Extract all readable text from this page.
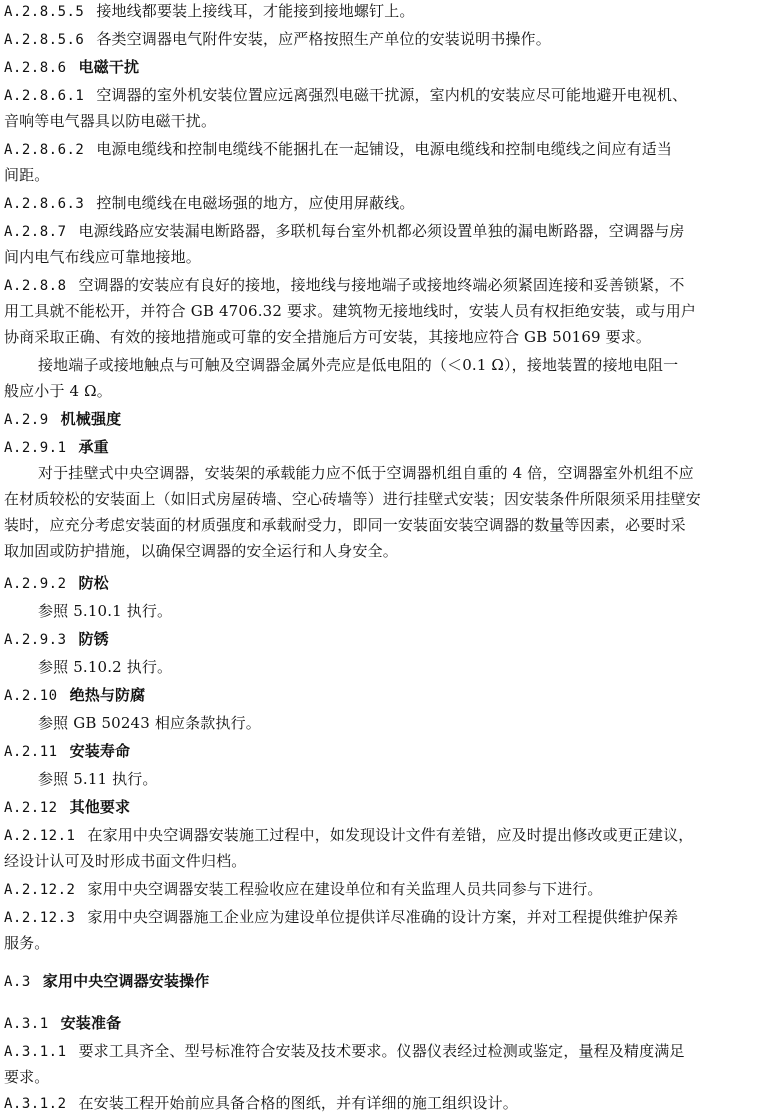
A.2.8.5.5 接地线都要装上接线耳，才能接到接地螺钉上。
A.2.8.5.6 各类空调器电气附件安装，应严格按照生产单位的安装说明书操作。
A.2.8.6 电磁干扰
A.2.8.6.1 空调器的室外机安装位置应远离强烈电磁干扰源，室内机的安装应尽可能地避开电视机、
音响等电气器具以防电磁干扰。
A.2.8.6.2 电源电缆线和控制电缆线不能捆扎在一起铺设，电源电缆线和控制电缆线之间应有适当
间距。
A.2.8.6.3 控制电缆线在电磁场强的地方，应使用屏蔽线。
A.2.8.7 电源线路应安装漏电断路器，多联机每台室外机都必须设置单独的漏电断路器，空调器与房
间内电气布线应可靠地接地。
A.2.8.8 空调器的安装应有良好的接地，接地线与接地端子或接地终端必须紧固连接和妥善锁紧，不
用工具就不能松开，并符合 GB 4706.32 要求。建筑物无接地线时，安装人员有权拒绝安装，或与用户
协商采取正确、有效的接地措施或可靠的安全措施后方可安装，其接地应符合 GB 50169 要求。
接地端子或接地触点与可触及空调器金属外壳应是低电阻的（＜0.1 Ω），接地装置的接地电阻一
般应小于 4 Ω。
A.2.9 机械强度
A.2.9.1 承重
对于挂壁式中央空调器，安装架的承载能力应不低于空调器机组自重的 4 倍，空调器室外机组不应
在材质较松的安装面上（如旧式房屋砖墙、空心砖墙等）进行挂壁式安装；因安装条件所限须采用挂壁安
装时，应充分考虑安装面的材质强度和承载耐受力，即同一安装面安装空调器的数量等因素，必要时采
取加固或防护措施，以确保空调器的安全运行和人身安全。
A.2.9.2 防松
参照 5.10.1 执行。
A.2.9.3 防锈
参照 5.10.2 执行。
A.2.10 绝热与防腐
参照 GB 50243 相应条款执行。
A.2.11 安装寿命
参照 5.11 执行。
A.2.12 其他要求
A.2.12.1 在家用中央空调器安装施工过程中，如发现设计文件有差错，应及时提出修改或更正建议，
经设计认可及时形成书面文件归档。
A.2.12.2 家用中央空调器安装工程验收应在建设单位和有关监理人员共同参与下进行。
A.2.12.3 家用中央空调器施工企业应为建设单位提供详尽准确的设计方案，并对工程提供维护保养
服务。
A.3 家用中央空调器安装操作
A.3.1 安装准备
A.3.1.1 要求工具齐全、型号标准符合安装及技术要求。仪器仪表经过检测或鉴定，量程及精度满足
要求。
A.3.1.2 在安装工程开始前应具备合格的图纸，并有详细的施工组织设计。
